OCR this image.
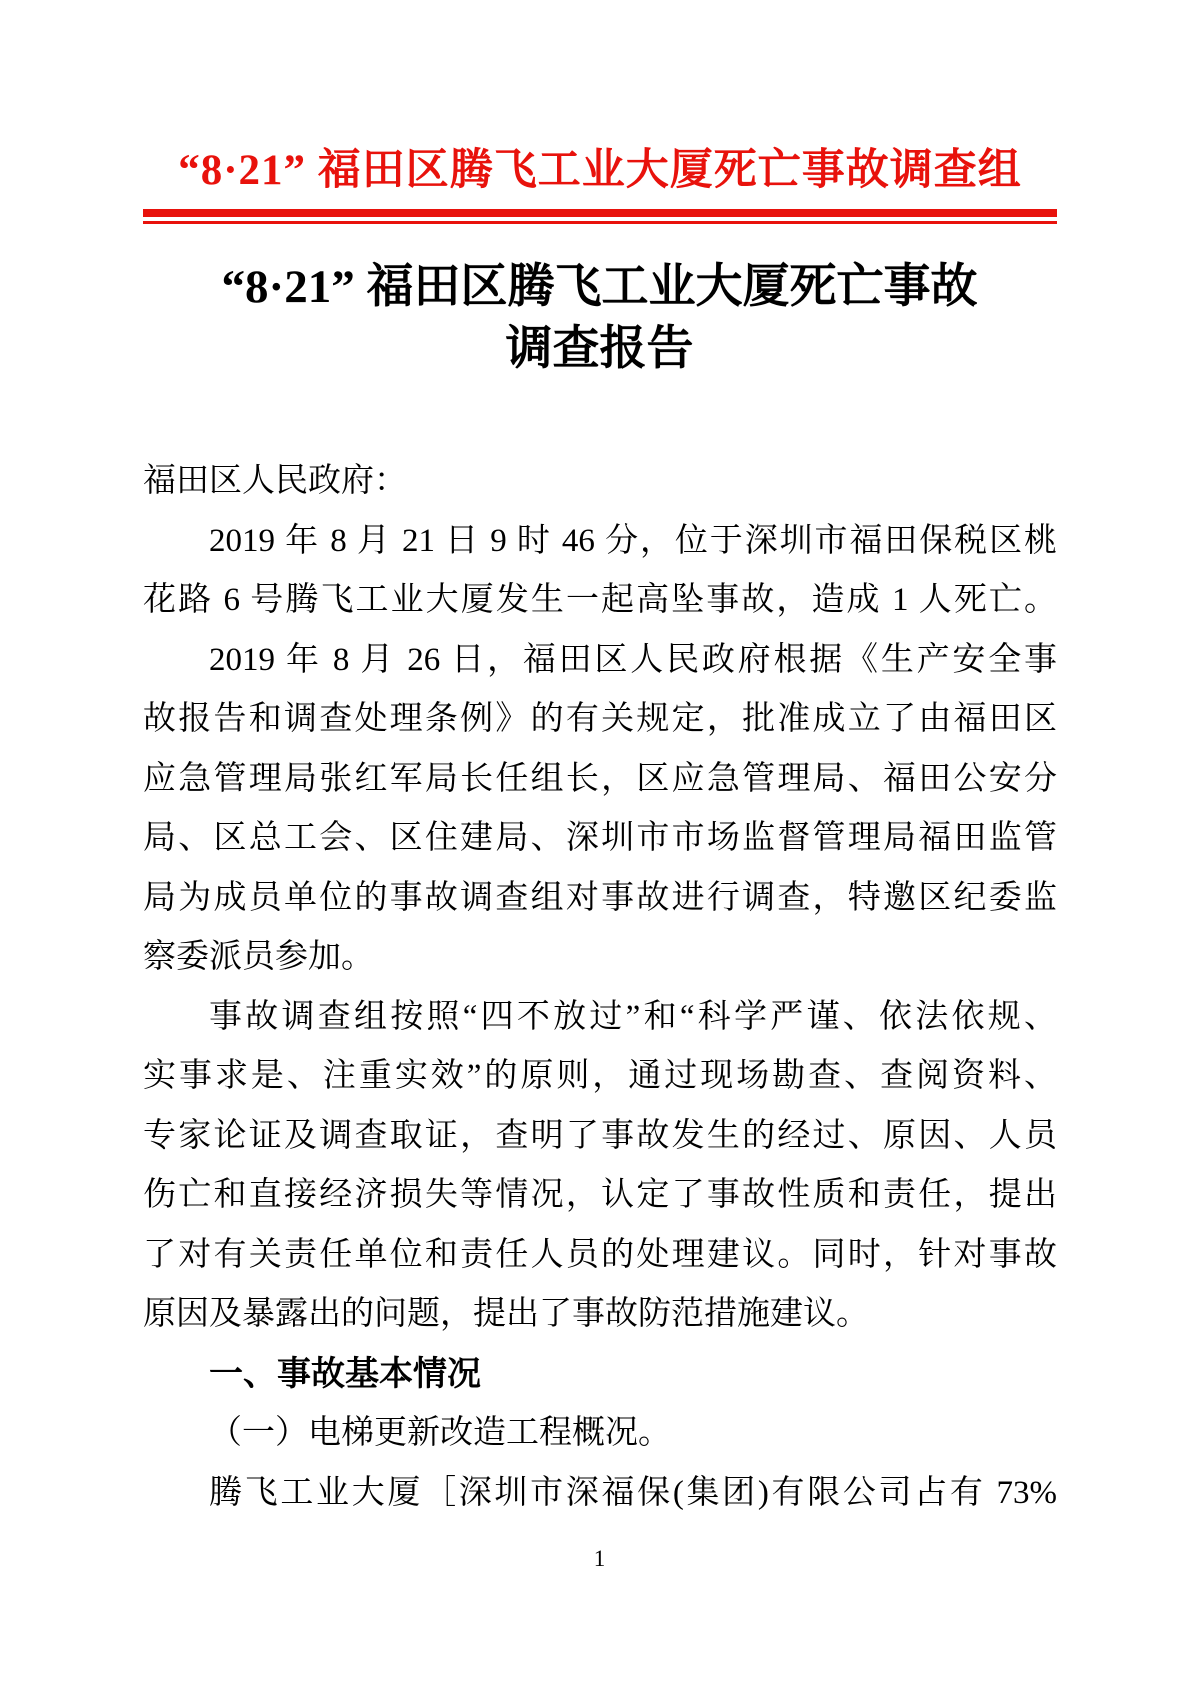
“8·21” 福田区腾飞工业大厦死亡事故调查组
“8·21” 福田区腾飞工业大厦死亡事故
调查报告
福田区人民政府：
2019 年 8 月 21 日 9 时 46 分，位于深圳市福田保税区桃
花路 6 号腾飞工业大厦发生一起高坠事故，造成 1 人死亡。
2019 年 8 月 26 日，福田区人民政府根据《生产安全事
故报告和调查处理条例》的有关规定，批准成立了由福田区
应急管理局张红军局长任组长，区应急管理局、福田公安分
局、区总工会、区住建局、深圳市市场监督管理局福田监管
局为成员单位的事故调查组对事故进行调查，特邀区纪委监
察委派员参加。
事故调查组按照“四不放过”和“科学严谨、依法依规、
实事求是、注重实效”的原则，通过现场勘查、查阅资料、
专家论证及调查取证，查明了事故发生的经过、原因、人员
伤亡和直接经济损失等情况，认定了事故性质和责任，提出
了对有关责任单位和责任人员的处理建议。同时，针对事故
原因及暴露出的问题，提出了事故防范措施建议。
一、事故基本情况
（一）电梯更新改造工程概况。
腾飞工业大厦［深圳市深福保(集团)有限公司占有 73%
1
